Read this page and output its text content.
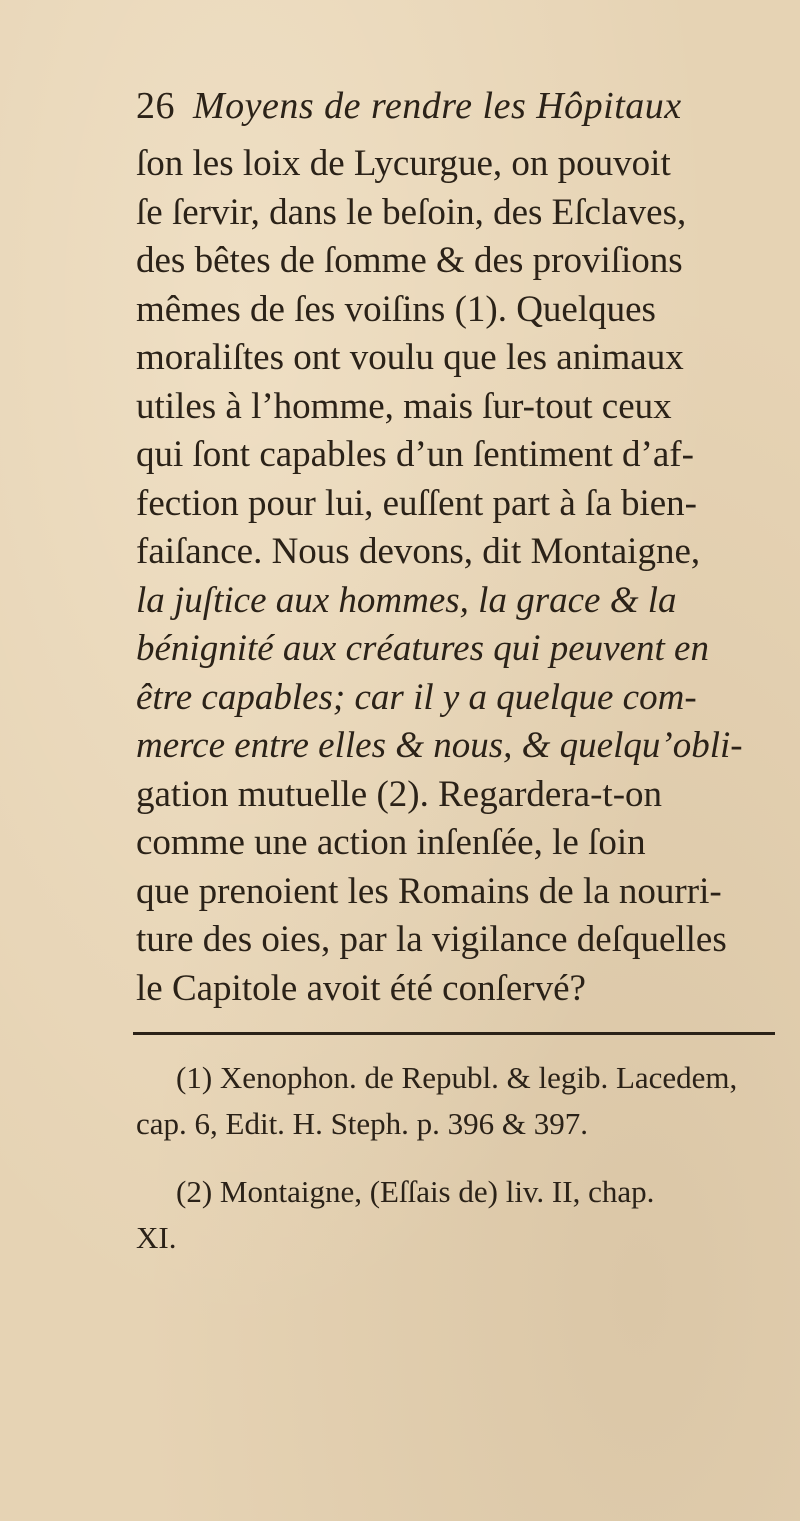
26 Moyens de rendre les Hôpitaux
ſon les loix de Lycurgue, on pouvoit
ſe ſervir, dans le beſoin, des Eſclaves,
des bêtes de ſomme & des proviſions
mêmes de ſes voiſins (1). Quelques
moraliſtes ont voulu que les animaux
utiles à l’homme, mais ſur-tout ceux
qui ſont capables d’un ſentiment d’af-
fection pour lui, euſſent part à ſa bien-
faiſance. Nous devons, dit Montaigne,
la juſtice aux hommes, la grace & la
bénignité aux créatures qui peuvent en
être capables; car il y a quelque com-
merce entre elles & nous, & quelqu’obli-
gation mutuelle (2). Regardera-t-on
comme une action inſenſée, le ſoin
que prenoient les Romains de la nourri-
ture des oies, par la vigilance deſquelles
le Capitole avoit été conſervé?
(1) Xenophon. de Republ. & legib. Lacedem,
cap. 6, Edit. H. Steph. p. 396 & 397.
(2) Montaigne, (Eſſais de) liv. II, chap.
XI.
